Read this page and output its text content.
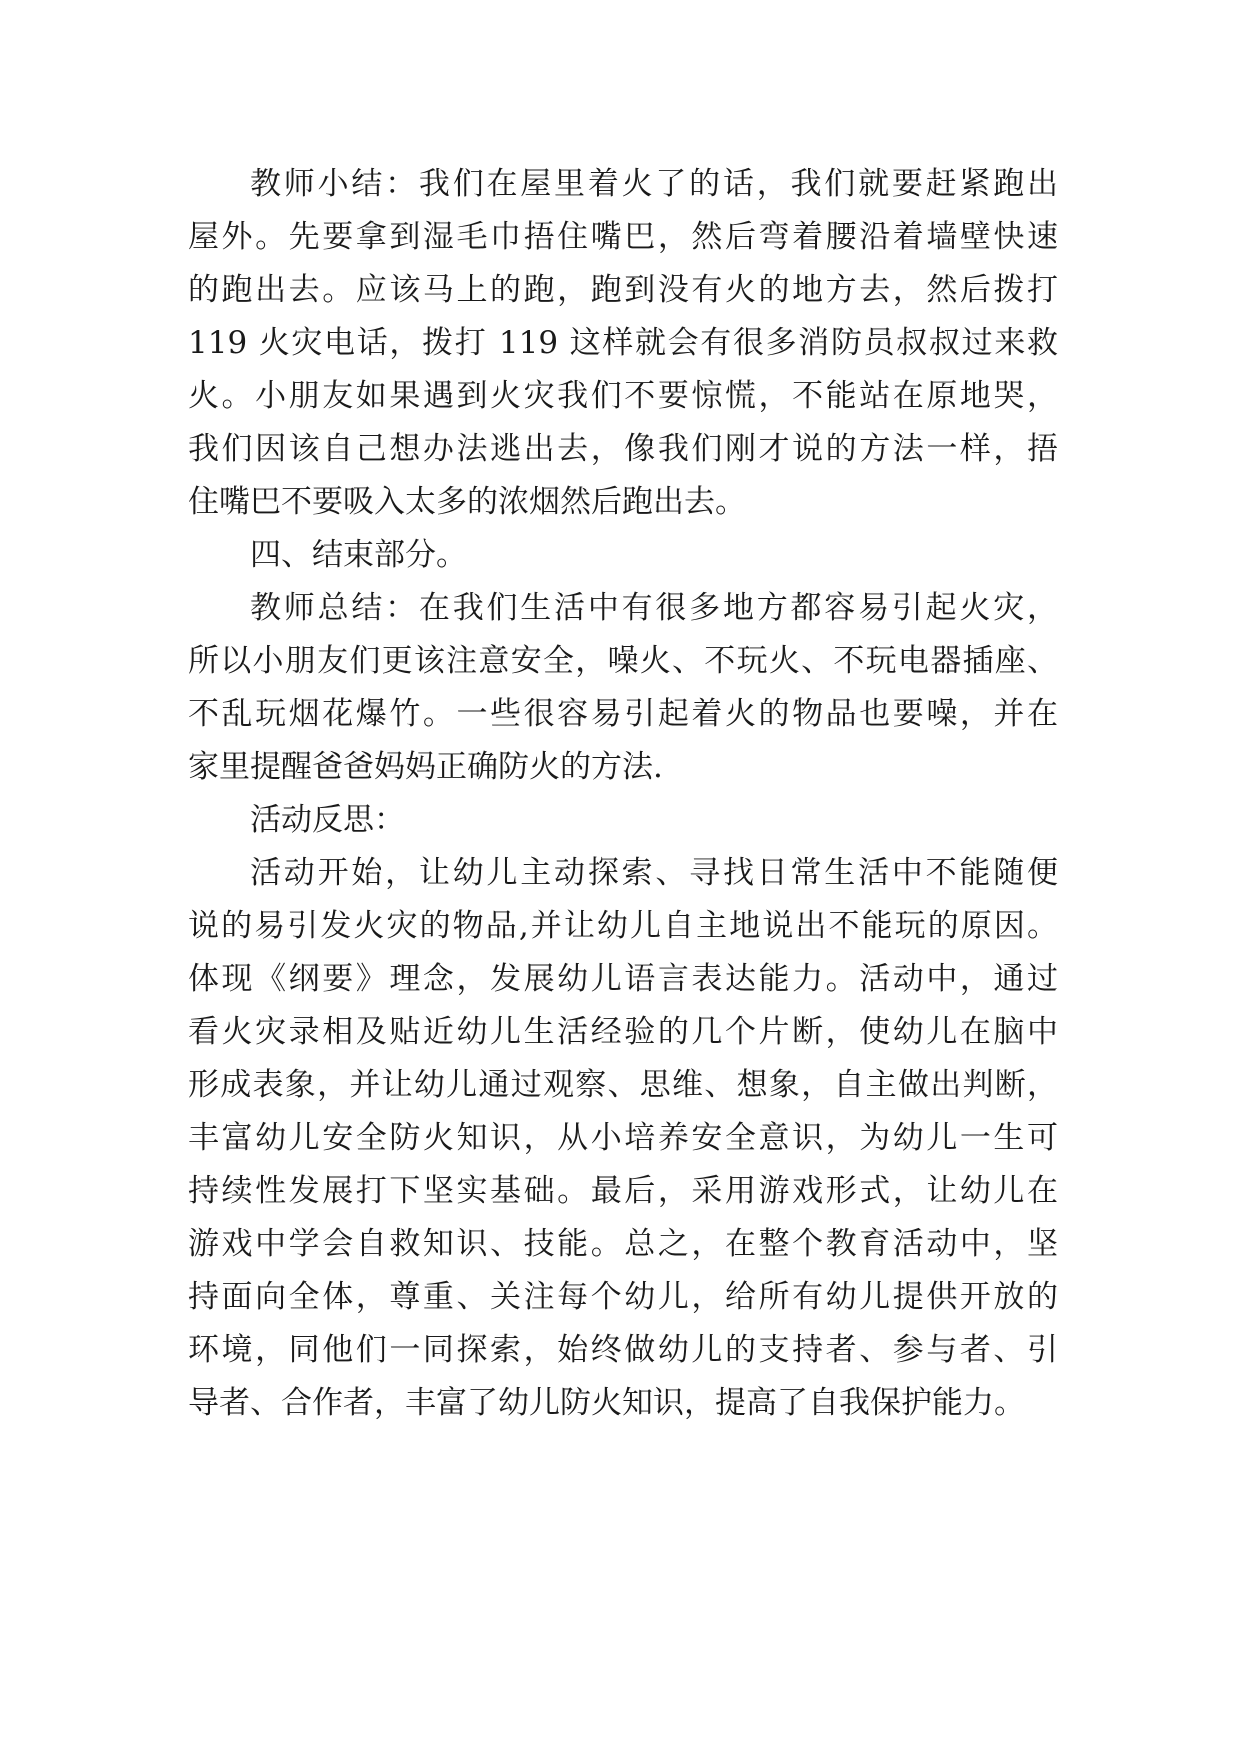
教师小结：我们在屋里着火了的话，我们就要赶紧跑出
屋外。先要拿到湿毛巾捂住嘴巴，然后弯着腰沿着墙壁快速
的跑出去。应该马上的跑，跑到没有火的地方去，然后拨打
119 火灾电话，拨打 119 这样就会有很多消防员叔叔过来救
火。小朋友如果遇到火灾我们不要惊慌，不能站在原地哭，
我们因该自己想办法逃出去，像我们刚才说的方法一样，捂
住嘴巴不要吸入太多的浓烟然后跑出去。
四、结束部分。
教师总结：在我们生活中有很多地方都容易引起火灾，
所以小朋友们更该注意安全，噪火、不玩火、不玩电器插座、
不乱玩烟花爆竹。一些很容易引起着火的物品也要噪，并在
家里提醒爸爸妈妈正确防火的方法.
活动反思：
活动开始，让幼儿主动探索、寻找日常生活中不能随便
说的易引发火灾的物品,并让幼儿自主地说出不能玩的原因。
体现《纲要》理念，发展幼儿语言表达能力。活动中，通过
看火灾录相及贴近幼儿生活经验的几个片断，使幼儿在脑中
形成表象，并让幼儿通过观察、思维、想象，自主做出判断，
丰富幼儿安全防火知识，从小培养安全意识，为幼儿一生可
持续性发展打下坚实基础。最后，采用游戏形式，让幼儿在
游戏中学会自救知识、技能。总之，在整个教育活动中，坚
持面向全体，尊重、关注每个幼儿，给所有幼儿提供开放的
环境，同他们一同探索，始终做幼儿的支持者、参与者、引
导者、合作者，丰富了幼儿防火知识，提高了自我保护能力。
